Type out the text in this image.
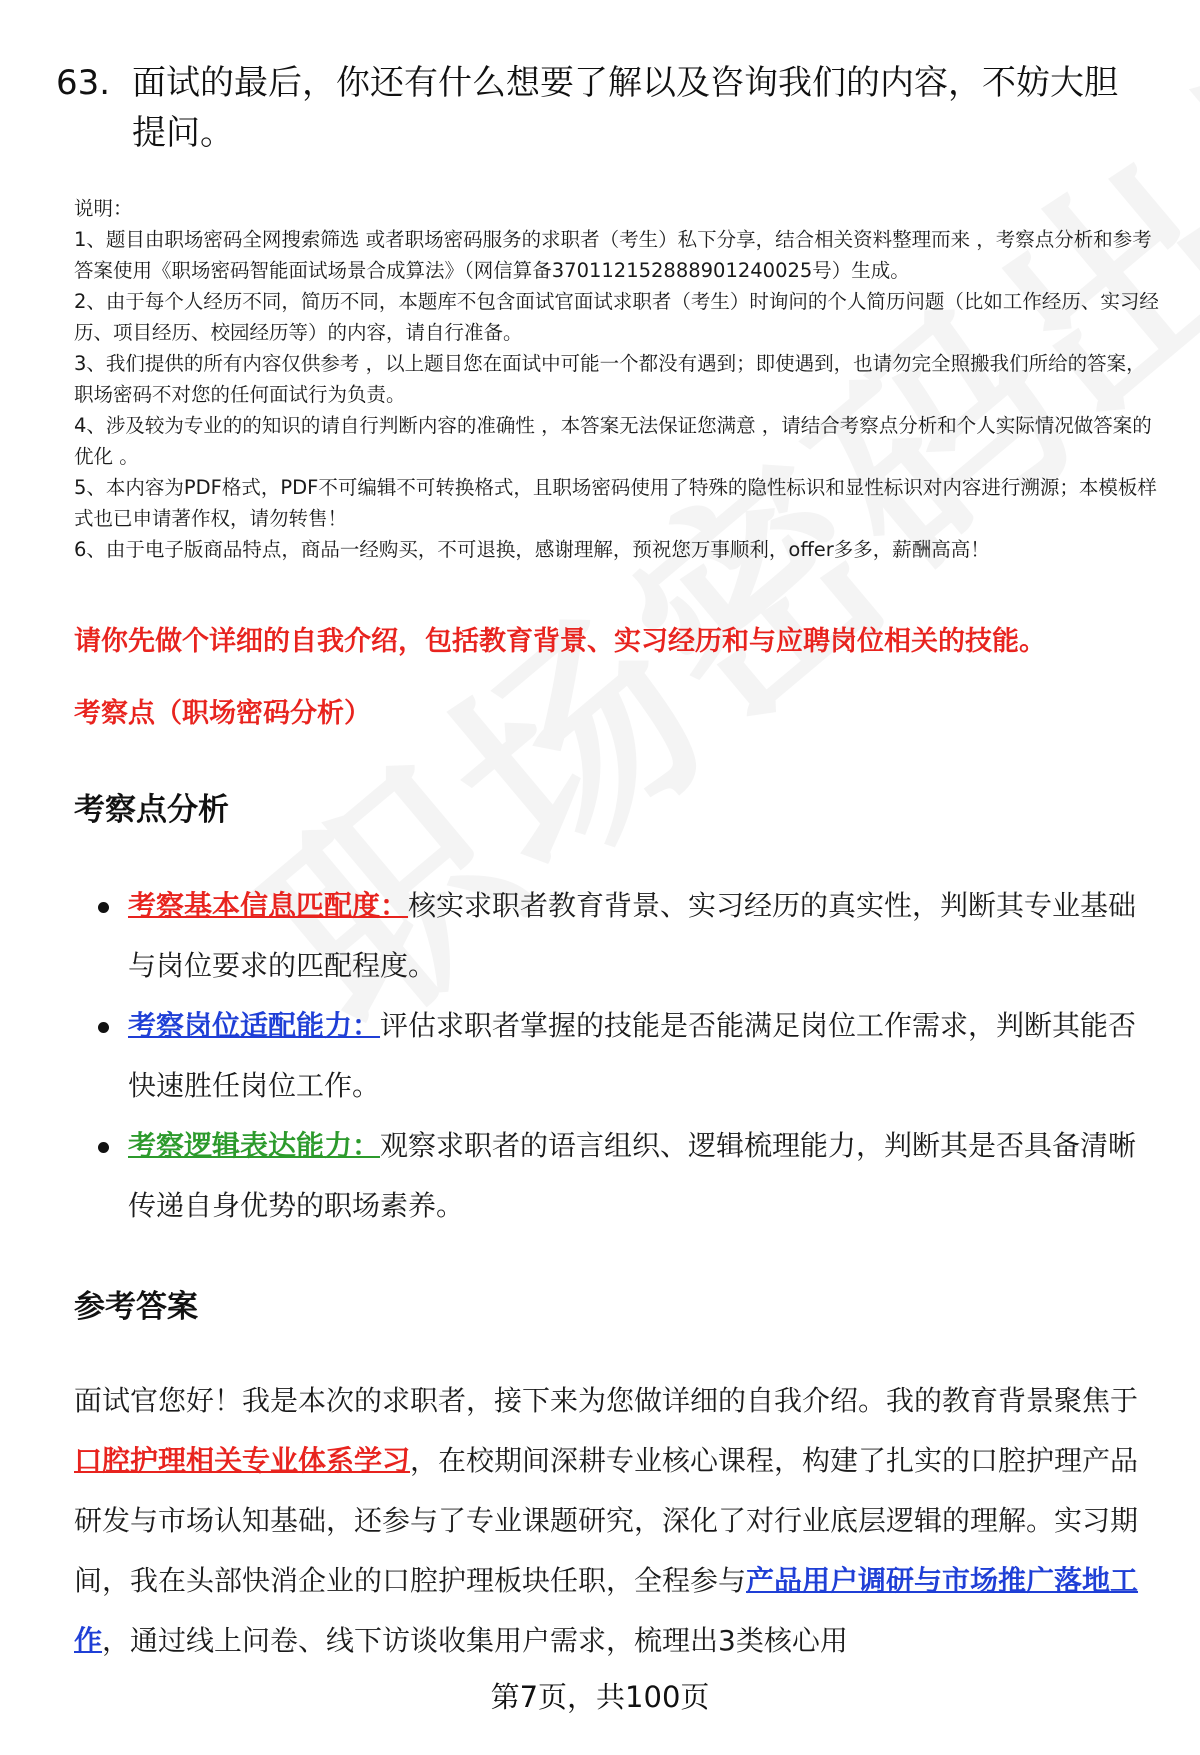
63. 面试的最后，你还有什么想要了解以及咨询我们的内容，不妨大胆提问。

说明：

1、题目由职场密码全网搜索筛选 或者职场密码服务的求职者（考生）私下分享，结合相关资料整理而来 ，考察点分析和参考答案使用《职场密码智能面试场景合成算法》（网信算备370112152888901240025号）生成。

2、由于每个人经历不同，简历不同，本题库不包含面试官面试求职者（考生）时询问的个人简历问题（比如工作经历、实习经历、项目经历、校园经历等）的内容，请自行准备。

3、我们提供的所有内容仅供参考 ，以上题目您在面试中可能一个都没有遇到；即使遇到，也请勿完全照搬我们所给的答案，职场密码不对您的任何面试行为负责。

4、涉及较为专业的的知识的请自行判断内容的准确性 ，本答案无法保证您满意 ，请结合考察点分析和个人实际情况做答案的优化 。

5、本内容为PDF格式，PDF不可编辑不可转换格式，且职场密码使用了特殊的隐性标识和显性标识对内容进行溯源；本模板样式也已申请著作权，请勿转售！

6、由于电子版商品特点，商品一经购买，不可退换，感谢理解，预祝您万事顺利，offer多多，薪酬高高！

请你先做个详细的自我介绍，包括教育背景、实习经历和与应聘岗位相关的技能。
考察点（职场密码分析）
考察点分析
考察基本信息匹配度：核实求职者教育背景、实习经历的真实性，判断其专业基础与岗位要求的匹配程度。
考察岗位适配能力：评估求职者掌握的技能是否能满足岗位工作需求，判断其能否快速胜任岗位工作。
考察逻辑表达能力：观察求职者的语言组织、逻辑梳理能力，判断其是否具备清晰传递自身优势的职场素养。
参考答案

面试官您好！我是本次的求职者，接下来为您做详细的自我介绍。我的教育背景聚焦于口腔护理相关专业体系学习，在校期间深耕专业核心课程，构建了扎实的口腔护理产品研发与市场认知基础，还参与了专业课题研究，深化了对行业底层逻辑的理解。实习期间，我在头部快消企业的口腔护理板块任职，全程参与产品用户调研与市场推广落地工作，通过线上问卷、线下访谈收集用户需求，梳理出3类核心用

第7页，共100页
